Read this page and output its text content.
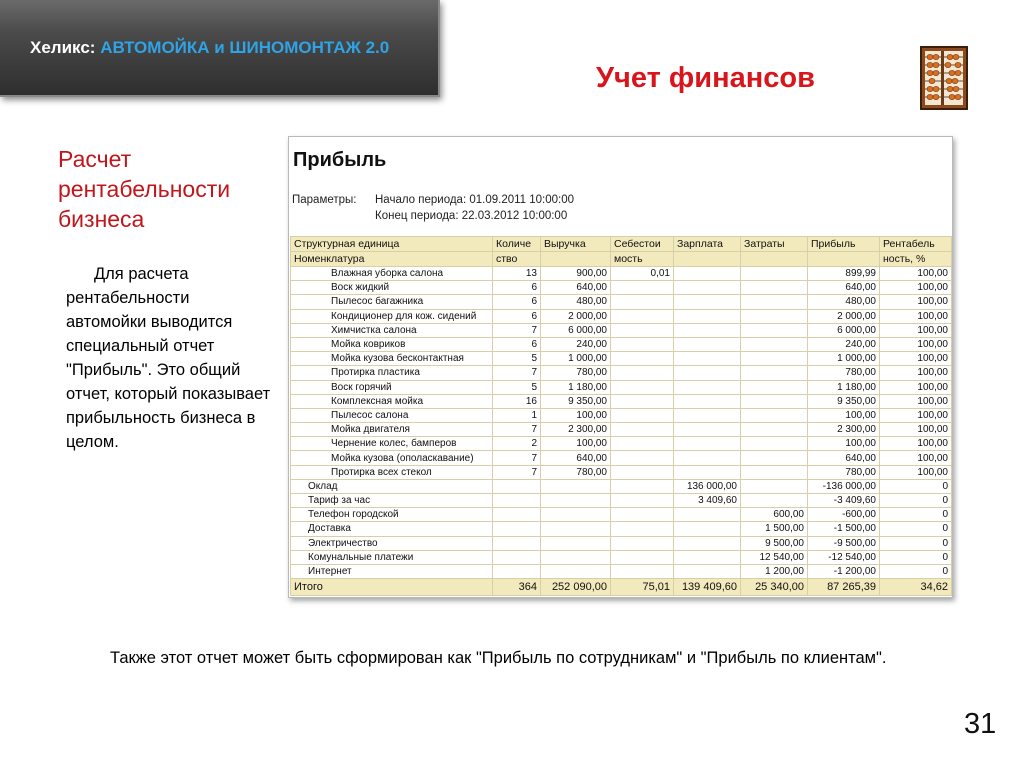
Хеликс: АВТОМОЙКА и ШИНОМОНТАЖ 2.0
Учет финансов
Расчет рентабельности бизнеса
Для расчета рентабельности автомойки выводится специальный отчет "Прибыль". Это общий отчет, который показывает прибыльность бизнеса в целом.
Прибыль
Параметры: Начало периода: 01.09.2011 10:00:00
Конец периода: 22.03.2012 10:00:00
Структурная единица	Количе	Выручка	Себестои	Зарплата	Затраты	Прибыль	Рентабель
Номенклатура	ство		мость				ность, %
Влажная уборка салона	13	900,00	0,01			899,99	100,00
Воск жидкий	6	640,00				640,00	100,00
Пылесос багажника	6	480,00				480,00	100,00
Кондиционер для кож. сидений	6	2 000,00				2 000,00	100,00
Химчистка салона	7	6 000,00				6 000,00	100,00
Мойка ковриков	6	240,00				240,00	100,00
Мойка кузова бесконтактная	5	1 000,00				1 000,00	100,00
Протирка пластика	7	780,00				780,00	100,00
Воск горячий	5	1 180,00				1 180,00	100,00
Комплексная мойка	16	9 350,00				9 350,00	100,00
Пылесос салона	1	100,00				100,00	100,00
Мойка двигателя	7	2 300,00				2 300,00	100,00
Чернение колес, бамперов	2	100,00				100,00	100,00
Мойка кузова (ополаскавание)	7	640,00				640,00	100,00
Протирка всех стекол	7	780,00				780,00	100,00
Оклад				136 000,00		-136 000,00	0
Тариф за час				3 409,60		-3 409,60	0
Телефон городской					600,00	-600,00	0
Доставка					1 500,00	-1 500,00	0
Электричество					9 500,00	-9 500,00	0
Комунальные платежи					12 540,00	-12 540,00	0
Интернет					1 200,00	-1 200,00	0
Итого	364	252 090,00	75,01	139 409,60	25 340,00	87 265,39	34,62
Также этот отчет может быть сформирован как "Прибыль по сотрудникам" и "Прибыль по клиентам".
31
